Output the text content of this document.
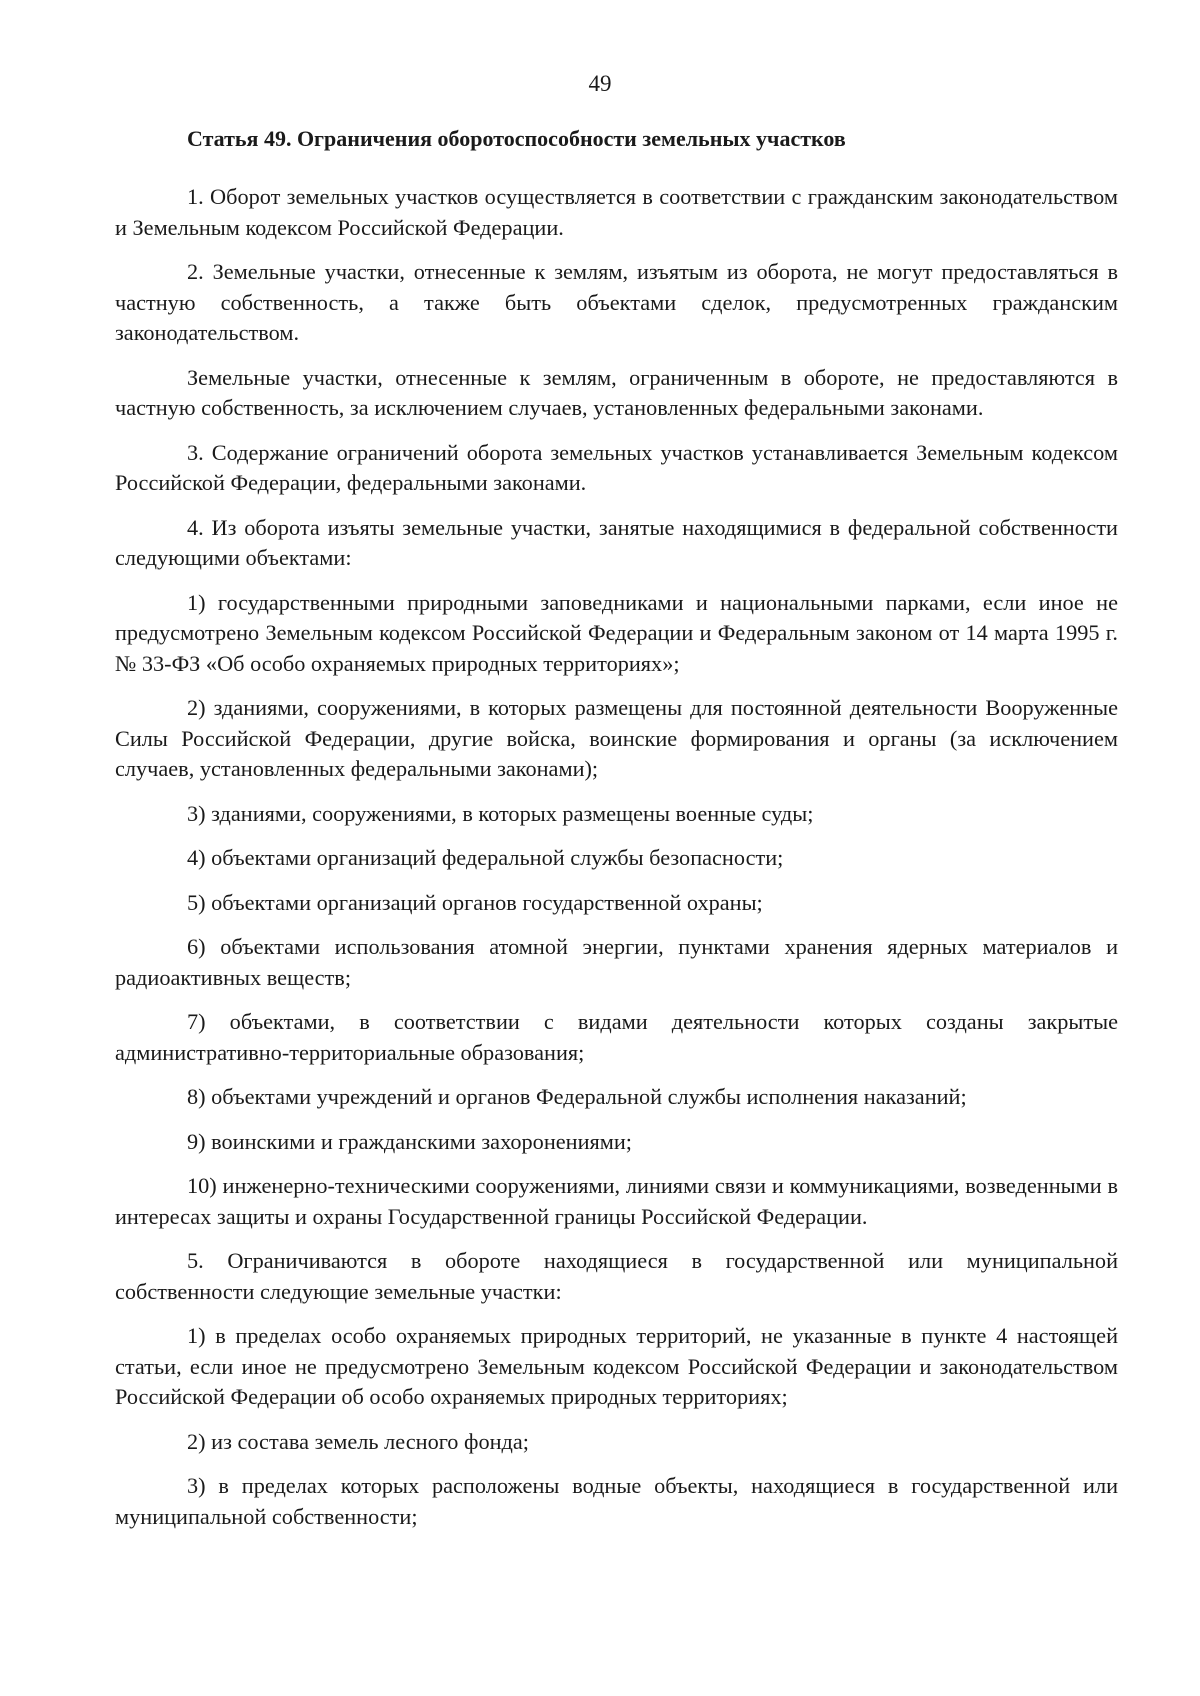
49
Статья 49. Ограничения оборотоспособности земельных участков

1. Оборот земельных участков осуществляется в соответствии с гражданским законодательством и Земельным кодексом Российской Федерации.

2. Земельные участки, отнесенные к землям, изъятым из оборота, не могут предоставляться в частную собственность, а также быть объектами сделок, предусмотренных гражданским законодательством.

Земельные участки, отнесенные к землям, ограниченным в обороте, не предоставляются в частную собственность, за исключением случаев, установленных федеральными законами.

3. Содержание ограничений оборота земельных участков устанавливается Земельным кодексом Российской Федерации, федеральными законами.

4. Из оборота изъяты земельные участки, занятые находящимися в федеральной собственности следующими объектами:

1) государственными природными заповедниками и национальными парками, если иное не предусмотрено Земельным кодексом Российской Федерации и Федеральным законом от 14 марта 1995 г. № 33-ФЗ «Об особо охраняемых природных территориях»;

2) зданиями, сооружениями, в которых размещены для постоянной деятельности Вооруженные Силы Российской Федерации, другие войска, воинские формирования и органы (за исключением случаев, установленных федеральными законами);

3) зданиями, сооружениями, в которых размещены военные суды;

4) объектами организаций федеральной службы безопасности;

5) объектами организаций органов государственной охраны;

6) объектами использования атомной энергии, пунктами хранения ядерных материалов и радиоактивных веществ;

7) объектами, в соответствии с видами деятельности которых созданы закрытые административно-территориальные образования;

8) объектами учреждений и органов Федеральной службы исполнения наказаний;

9) воинскими и гражданскими захоронениями;

10) инженерно-техническими сооружениями, линиями связи и коммуникациями, возведенными в интересах защиты и охраны Государственной границы Российской Федерации.

5. Ограничиваются в обороте находящиеся в государственной или муниципальной собственности следующие земельные участки:

1) в пределах особо охраняемых природных территорий, не указанные в пункте 4 настоящей статьи, если иное не предусмотрено Земельным кодексом Российской Федерации и законодательством Российской Федерации об особо охраняемых природных территориях;

2) из состава земель лесного фонда;

3) в пределах которых расположены водные объекты, находящиеся в государственной или муниципальной собственности;
